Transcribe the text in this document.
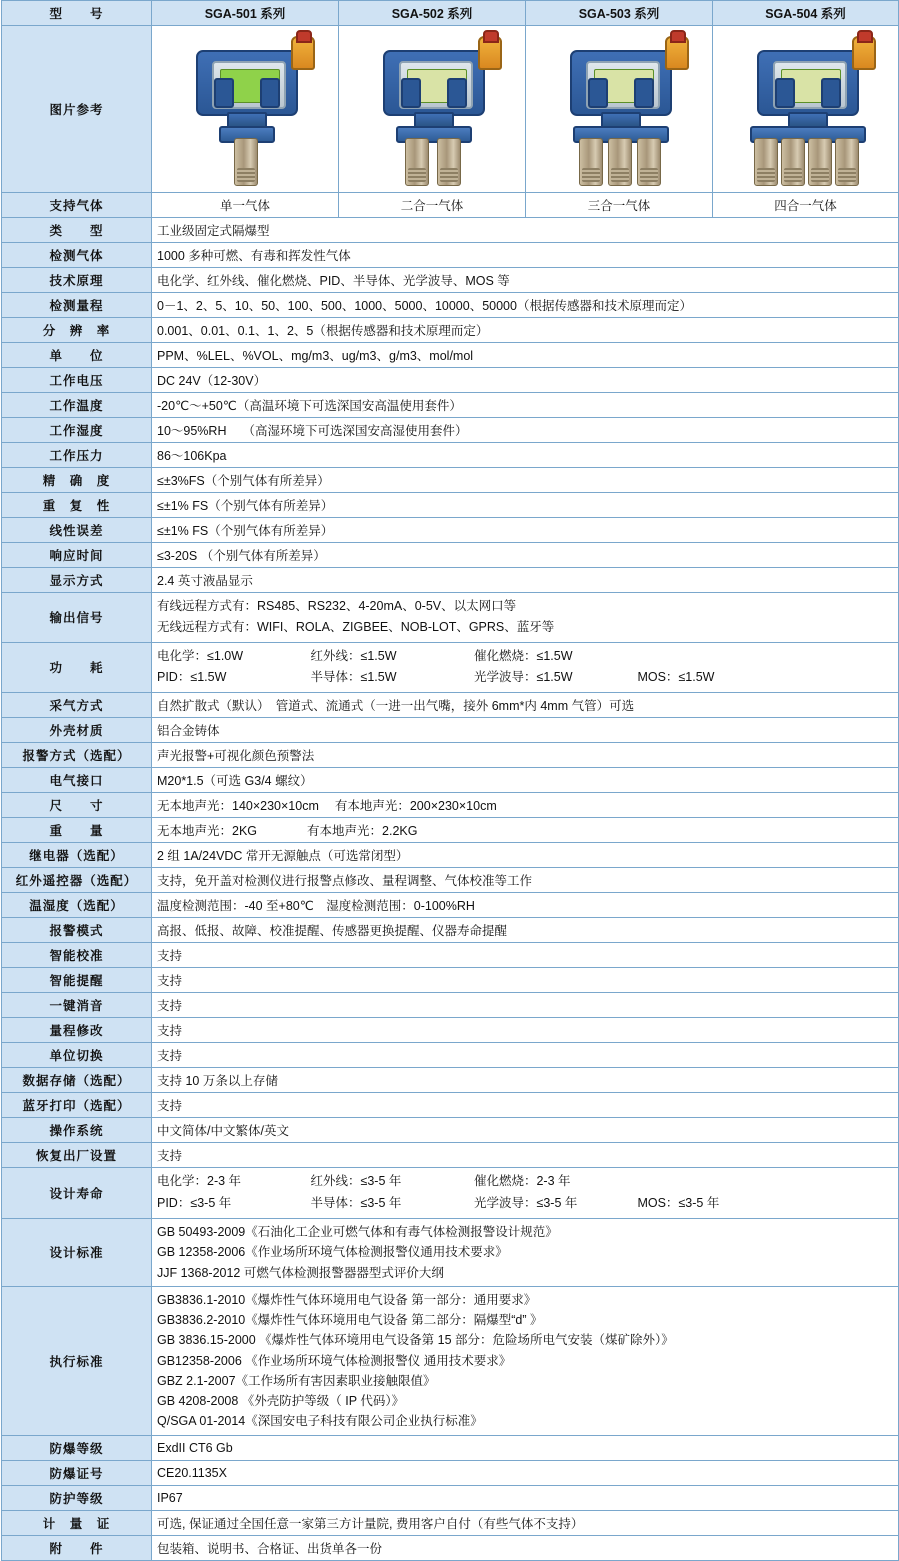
型　　号	SGA-501 系列	SGA-502 系列	SGA-503 系列	SGA-504 系列
图片参考	

支持气体	单一气体	二合一气体	三合一气体	四合一气体
类　　型	工业级固定式隔爆型			
检测气体	1000 多种可燃、有毒和挥发性气体			
技术原理	电化学、红外线、催化燃烧、PID、半导体、光学波导、MOS 等			
检测量程	0－1、2、5、10、50、100、500、1000、5000、10000、50000（根据传感器和技术原理而定）			
分　辨　率	0.001、0.01、0.1、1、2、5（根据传感器和技术原理而定）			
单　　位	PPM、%LEL、%VOL、mg/m3、ug/m3、g/m3、mol/mol			
工作电压	DC 24V（12-30V）			
工作温度	-20℃～+50℃（高温环境下可选深国安高温使用套件）			
工作湿度	10～95%RH　 （高湿环境下可选深国安高湿使用套件）			
工作压力	86～106Kpa			
精　确　度	≤±3%FS（个别气体有所差异）			
重　复　性	≤±1% FS（个别气体有所差异）			
线性误差	≤±1% FS（个别气体有所差异）			
响应时间	≤3-20S （个别气体有所差异）			
显示方式	2.4 英寸液晶显示			
输出信号	有线远程方式有：RS485、RS232、4-20mA、0-5V、以太网口等
无线远程方式有：WIFI、ROLA、ZIGBEE、NOB-LOT、GPRS、蓝牙等			

功　　耗	电化学：≤1.0W 红外线：≤1.5W 催化燃烧：≤1.5W
PID：≤1.5W 半导体：≤1.5W 光学波导：≤1.5W MOS：≤1.5W			

采气方式	自然扩散式（默认）　管道式、流通式（一进一出气嘴，接外 6mm*内 4mm 气管）可选			
外壳材质	铝合金铸体			
报警方式（选配）	声光报警+可视化颜色预警法			
电气接口	M20*1.5（可选 G3/4 螺纹）			
尺　　寸	无本地声光：140×230×10cm　 有本地声光：200×230×10cm			
重　　量	无本地声光：2KG　　　　有本地声光：2.2KG			
继电器（选配）	2 组 1A/24VDC 常开无源触点（可选常闭型）			
红外遥控器（选配）	支持，免开盖对检测仪进行报警点修改、量程调整、气体校准等工作			
温湿度（选配）	温度检测范围：-40 至+80℃　湿度检测范围：0-100%RH			
报警模式	高报、低报、故障、校准提醒、传感器更换提醒、仪器寿命提醒			
智能校准	支持			
智能提醒	支持			
一键消音	支持			
量程修改	支持			
单位切换	支持			
数据存储（选配）	支持 10 万条以上存储			
蓝牙打印（选配）	支持			
操作系统	中文简体/中文繁体/英文			
恢复出厂设置	支持			
设计寿命	电化学：2-3 年 红外线：≤3-5 年 催化燃烧：2-3 年
PID：≤3-5 年 半导体：≤3-5 年 光学波导：≤3-5 年 MOS：≤3-5 年			

设计标准	GB 50493-2009《石油化工企业可燃气体和有毒气体检测报警设计规范》
GB 12358-2006《作业场所环境气体检测报警仪通用技术要求》
JJF 1368-2012 可燃气体检测报警器器型式评价大纲			

执行标准	
GB3836.1-2010《爆炸性气体环境用电气设备 第一部分：通用要求》
GB3836.2-2010《爆炸性气体环境用电气设备 第二部分：隔爆型“d” 》
GB 3836.15-2000 《爆炸性气体环境用电气设备第 15 部分：危险场所电气安装（煤矿除外）》
GB12358-2006 《作业场所环境气体检测报警仪 通用技术要求》
GBZ 2.1-2007《工作场所有害因素职业接触限值》
GB 4208-2008 《外壳防护等级（ IP 代码）》
Q/SGA 01-2014《深国安电子科技有限公司企业执行标准》

防爆等级	ExdII CT6 Gb			
防爆证号	CE20.1135X			
防护等级	IP67			
计　量　证	可选, 保证通过全国任意一家第三方计量院, 费用客户自付（有些气体不支持）			
附　　件	包装箱、说明书、合格证、出货单各一份			
